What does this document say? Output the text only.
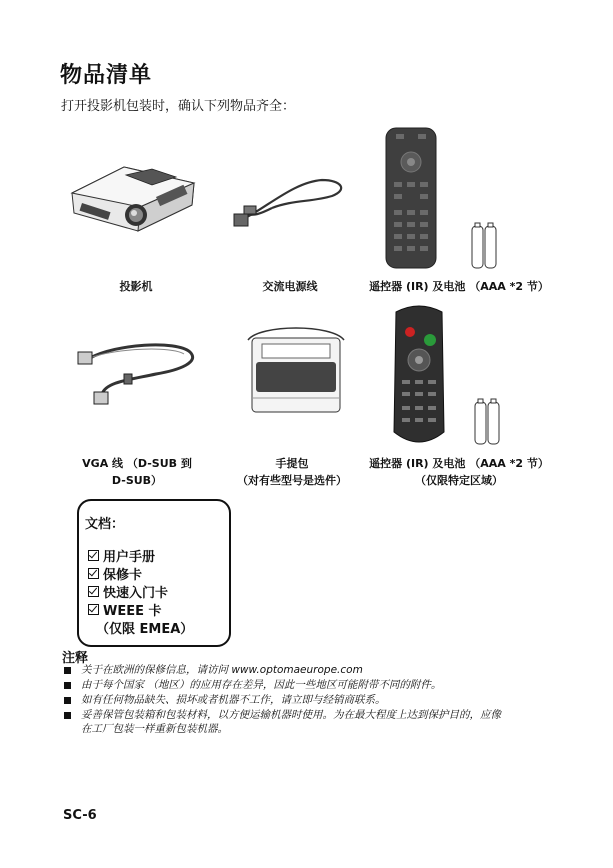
物品清单
打开投影机包装时，确认下列物品齐全：
投影机	交流电源线	遥控器 (IR) 及电池 （AAA *2 节）
VGA 线 （D-SUB 到
D-SUB）
手提包
（对有些型号是选件）
遥控器 (IR) 及电池 （AAA *2 节）
（仅限特定区域）
文档：
用户手册
保修卡
快速入门卡
WEEE 卡
（仅限 EMEA）
注释
关于在欧洲的保修信息，请访问 www.optomaeurope.com
由于每个国家 （地区）的应用存在差异，因此一些地区可能附带不同的附件。
如有任何物品缺失、损坏或者机器不工作，请立即与经销商联系。
妥善保管包装箱和包装材料，以方便运输机器时使用。为在最大程度上达到保护目的，应像
在工厂包装一样重新包装机器。
SC-6
